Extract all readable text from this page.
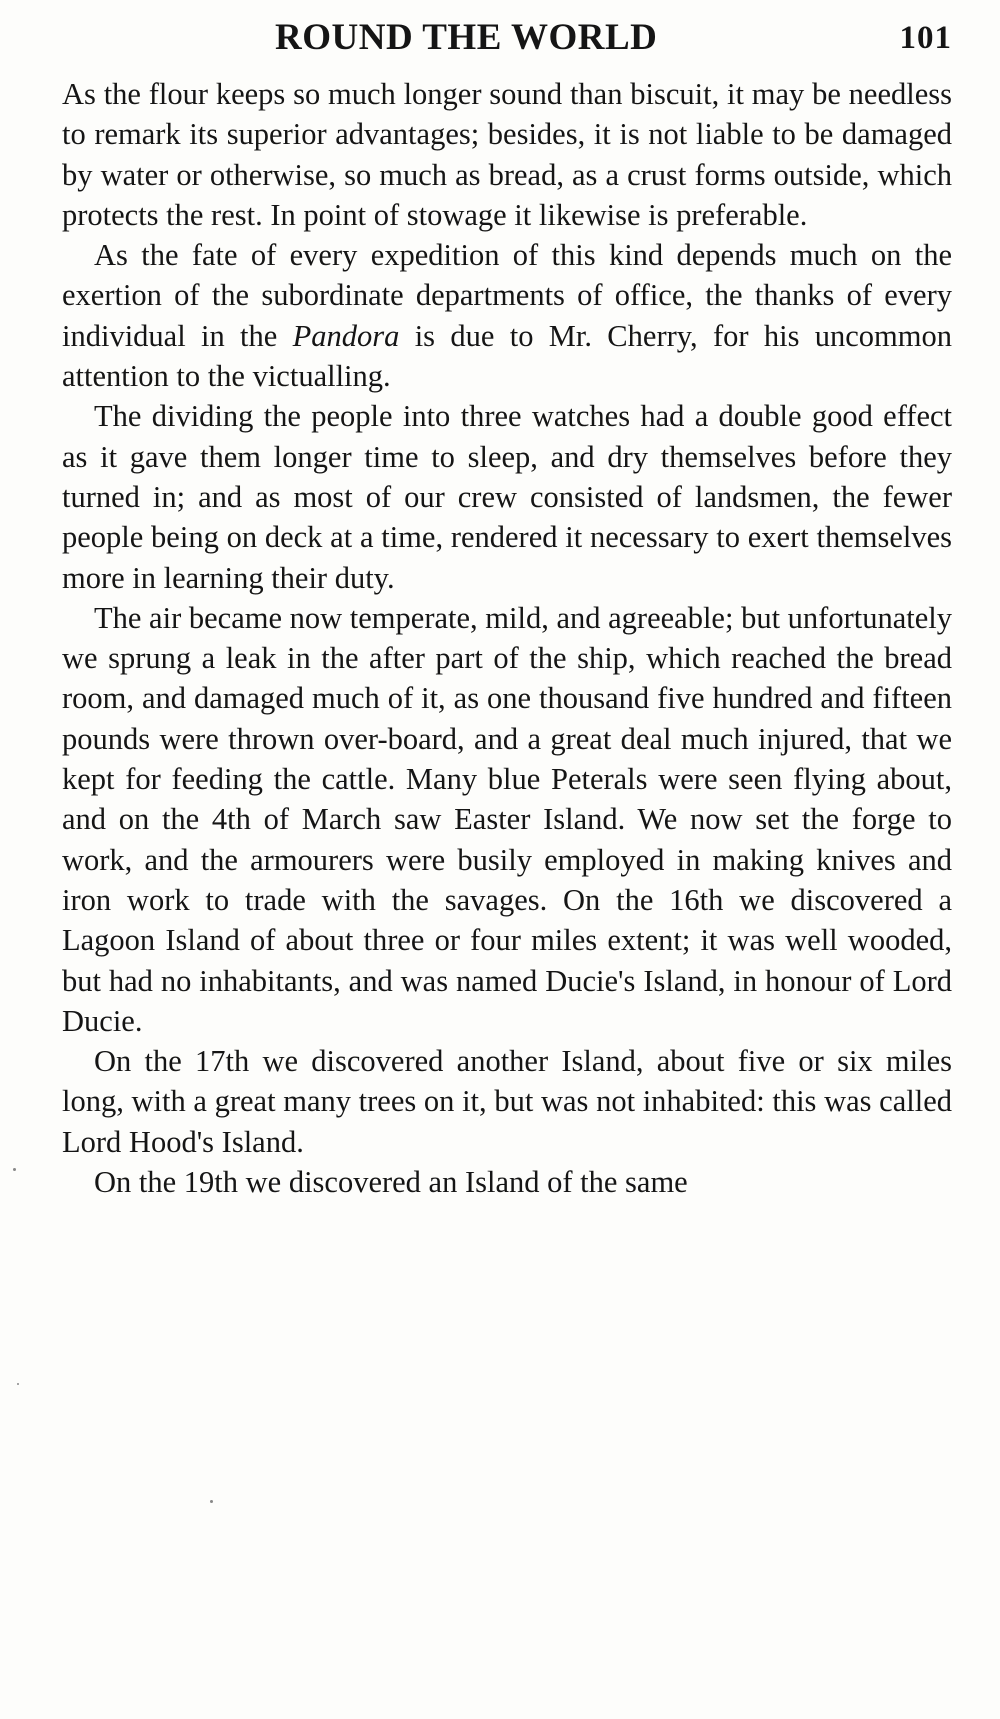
ROUND THE WORLD	101

As the flour keeps so much longer sound than biscuit, it may be needless to remark its superior advantages; besides, it is not liable to be damaged by water or otherwise, so much as bread, as a crust forms outside, which protects the rest. In point of stowage it likewise is preferable.

As the fate of every expedition of this kind depends much on the exertion of the subordinate departments of office, the thanks of every individual in the Pandora is due to Mr. Cherry, for his uncommon attention to the victualling.

The dividing the people into three watches had a double good effect as it gave them longer time to sleep, and dry themselves before they turned in; and as most of our crew consisted of landsmen, the fewer people being on deck at a time, rendered it necessary to exert themselves more in learning their duty.

The air became now temperate, mild, and agreeable; but unfortunately we sprung a leak in the after part of the ship, which reached the bread room, and damaged much of it, as one thousand five hundred and fifteen pounds were thrown over-board, and a great deal much injured, that we kept for feeding the cattle. Many blue Peterals were seen flying about, and on the 4th of March saw Easter Island. We now set the forge to work, and the armourers were busily employed in making knives and iron work to trade with the savages. On the 16th we discovered a Lagoon Island of about three or four miles extent; it was well wooded, but had no inhabitants, and was named Ducie's Island, in honour of Lord Ducie.

On the 17th we discovered another Island, about five or six miles long, with a great many trees on it, but was not inhabited: this was called Lord Hood's Island.

On the 19th we discovered an Island of the same
